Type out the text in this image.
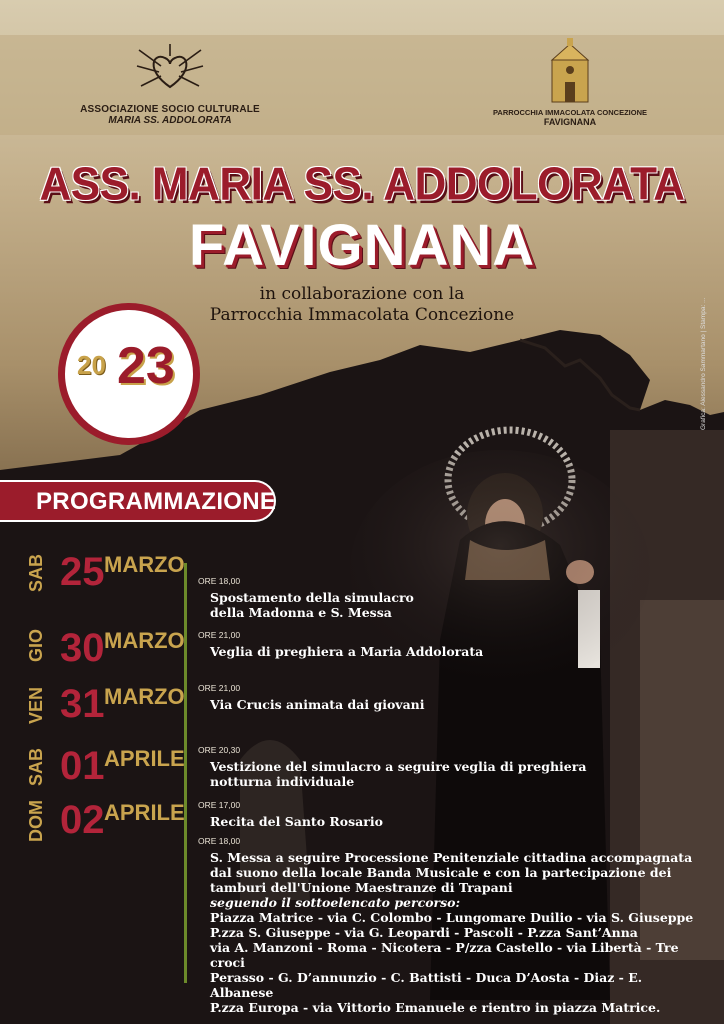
ASSOCIAZIONE SOCIO CULTURALE
MARIA SS. ADDOLORATA
PARROCCHIA IMMACOLATA CONCEZIONE
FAVIGNANA
ASS. MARIA SS. ADDOLORATA
FAVIGNANA
in collaborazione con la
Parrocchia Immacolata Concezione
20 23
PROGRAMMAZIONE
SAB 25 MARZO
GIO 30 MARZO
VEN 31 MARZO
SAB 01 APRILE
DOM 02 APRILE
ORE 18,00
Spostamento della simulacro
della Madonna e S. Messa
ORE 21,00
Veglia di preghiera a Maria Addolorata
ORE 21,00
Via Crucis animata dai giovani
ORE 20,30
Vestizione del simulacro a seguire veglia di preghiera
notturna individuale
ORE 17,00
Recita del Santo Rosario
ORE 18,00
S. Messa a seguire Processione Penitenziale cittadina accompagnata
dal suono della locale Banda Musicale e con la partecipazione dei
tamburi dell'Unione Maestranze di Trapani
seguendo il sottoelencato percorso:
Piazza Matrice - via C. Colombo - Lungomare Duilio - via S. Giuseppe
P.zza S. Giuseppe - via G. Leopardi - Pascoli - P.zza Sant’Anna
via A. Manzoni - Roma - Nicotera - P/zza Castello - via Libertà - Tre croci
Perasso - G. D’annunzio - C. Battisti - Duca D’Aosta - Diaz - E. Albanese
P.zza Europa - via Vittorio Emanuele e rientro in piazza Matrice.
Grafica: Alessandro Sammartano | Stampa: ...
